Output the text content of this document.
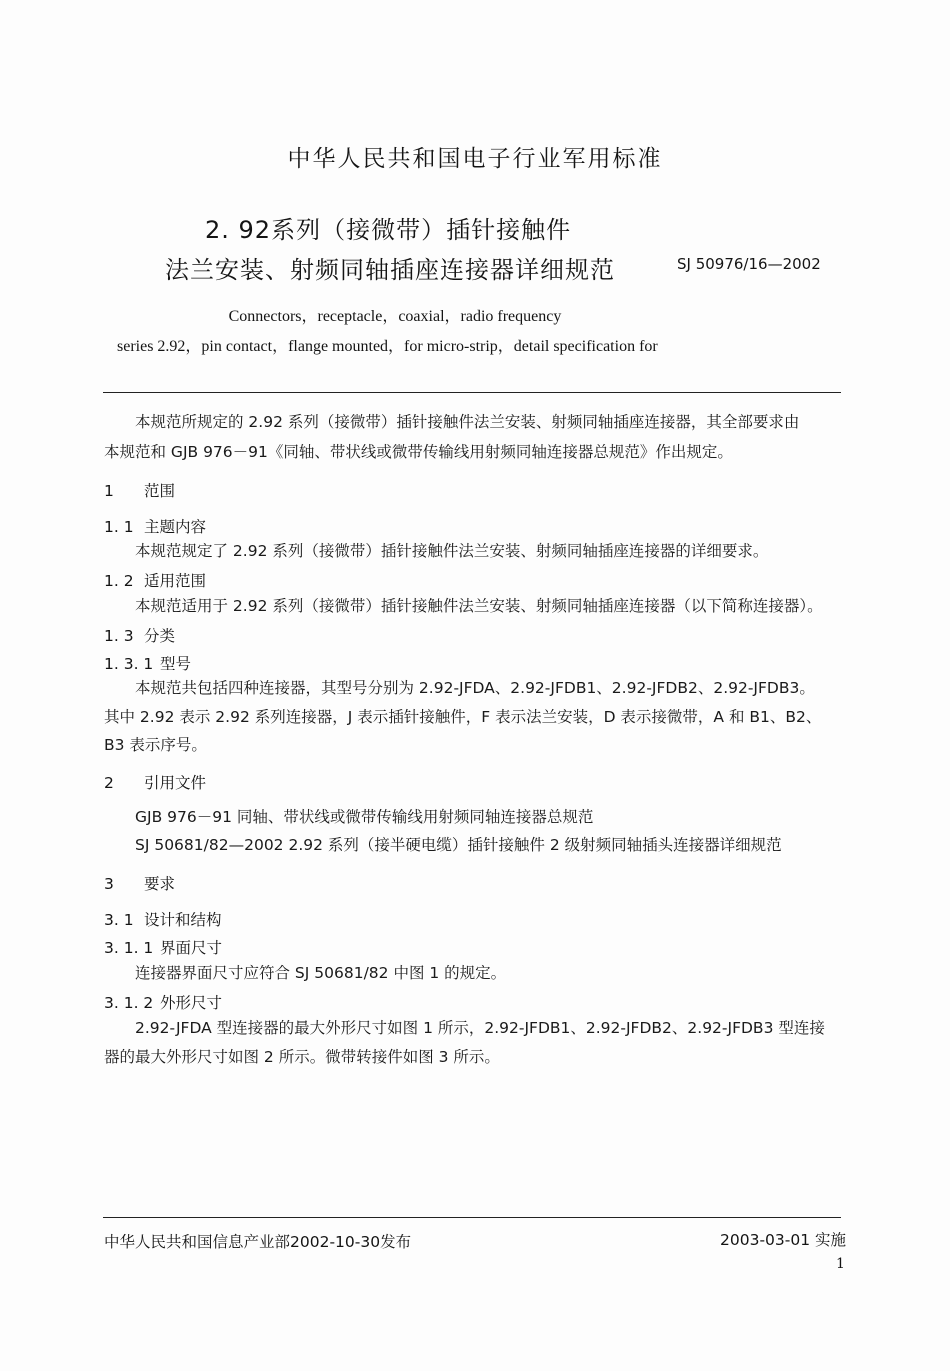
中华人民共和国电子行业军用标准
2. 92系列（接微带）插针接触件
法兰安装、射频同轴插座连接器详细规范	SJ 50976/16—2002
Connectors，receptacle，coaxial，radio frequency
series 2.92，pin contact，flange mounted，for micro-strip，detail specification for
本规范所规定的 2.92 系列（接微带）插针接触件法兰安装、射频同轴插座连接器，其全部要求由
本规范和 GJB 976－91《同轴、带状线或微带传输线用射频同轴连接器总规范》作出规定。
1 范围
1. 1 主题内容
本规范规定了 2.92 系列（接微带）插针接触件法兰安装、射频同轴插座连接器的详细要求。
1. 2 适用范围
本规范适用于 2.92 系列（接微带）插针接触件法兰安装、射频同轴插座连接器（以下简称连接器）。
1. 3 分类
1. 3. 1 型号
本规范共包括四种连接器，其型号分别为 2.92-JFDA、2.92-JFDB1、2.92-JFDB2、2.92-JFDB3。
其中 2.92 表示 2.92 系列连接器，J 表示插针接触件，F 表示法兰安装，D 表示接微带，A 和 B1、B2、
B3 表示序号。
2 引用文件
GJB 976－91 同轴、带状线或微带传输线用射频同轴连接器总规范
SJ 50681/82—2002 2.92 系列（接半硬电缆）插针接触件 2 级射频同轴插头连接器详细规范
3 要求
3. 1 设计和结构
3. 1. 1 界面尺寸
连接器界面尺寸应符合 SJ 50681/82 中图 1 的规定。
3. 1. 2 外形尺寸
2.92-JFDA 型连接器的最大外形尺寸如图 1 所示，2.92-JFDB1、2.92-JFDB2、2.92-JFDB3 型连接
器的最大外形尺寸如图 2 所示。微带转接件如图 3 所示。
中华人民共和国信息产业部2002-10-30发布	2003-03-01 实施
1
